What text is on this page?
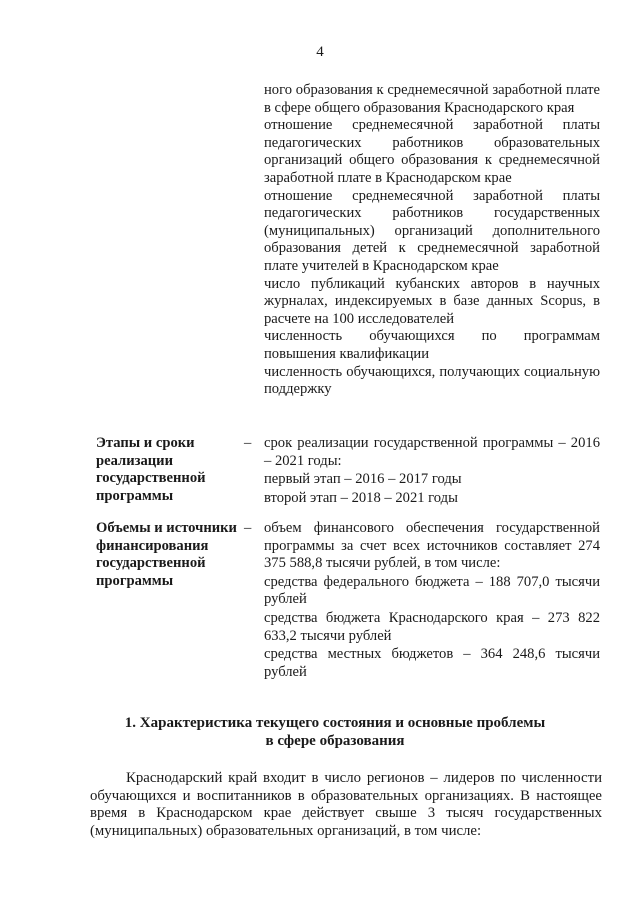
4

ного образования к среднемесячной заработной плате в сфере общего образования Краснодарского края

отношение среднемесячной заработной платы педагогических работников образовательных организаций общего образования к среднемесячной заработной плате в Краснодарском крае

отношение среднемесячной заработной платы педагогических работников государственных (муниципальных) организаций дополнительного образования детей к среднемесячной заработной плате учителей в Краснодарском крае

число публикаций кубанских авторов в научных журналах, индексируемых в базе данных Scopus, в расчете на 100 исследователей

численность обучающихся по программам повышения квалификации

численность обучающихся, получающих социальную поддержку

Этапы и сроки реализации государственной программы
– срок реализации государственной программы – 2016 – 2021 годы:

первый этап – 2016 – 2017 годы

второй этап – 2018 – 2021 годы

Объемы и источники финансирования государственной программы
– объем финансового обеспечения государственной программы за счет всех источников составляет 274 375 588,8 тысячи рублей, в том числе:

средства федерального бюджета – 188 707,0 тысячи рублей

средства бюджета Краснодарского края – 273 822 633,2 тысячи рублей

средства местных бюджетов – 364 248,6 тысячи рублей

1. Характеристика текущего состояния и основные проблемы
в сфере образования

Краснодарский край входит в число регионов – лидеров по численности обучающихся и воспитанников в образовательных организациях. В настоящее время в Краснодарском крае действует свыше 3 тысяч государственных (муниципальных) образовательных организаций, в том числе:
